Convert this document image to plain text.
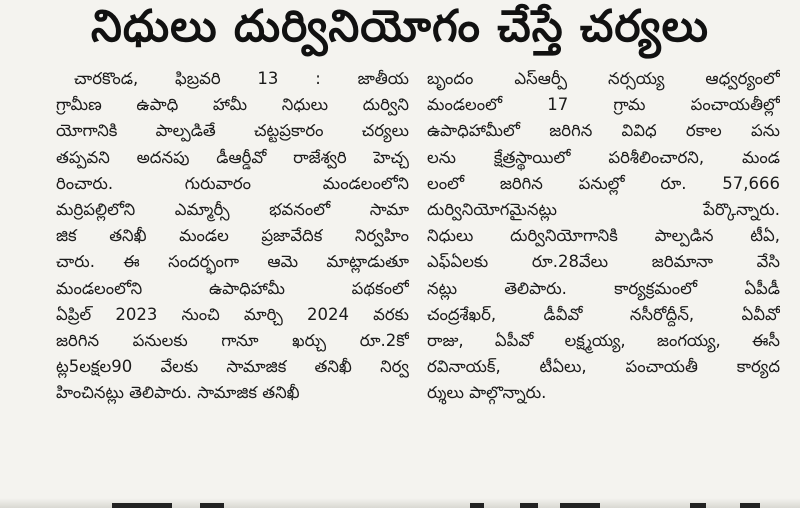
నిధులు దుర్వినియోగం చేస్తే చర్యలు
చారకొండ, ఫిబ్రవరి 13 : జాతీయ
గ్రామీణ ఉపాధి హామీ నిధులు దుర్విని
యోగానికి పాల్పడితే చట్టప్రకారం చర్యలు
తప్పవని అదనపు డీఆర్డీవో రాజేశ్వరి హెచ్చ
రించారు. గురువారం మండలంలోని
మర్రిపల్లిలోని ఎమ్మార్సీ భవనంలో సామా
జిక తనిఖీ మండల ప్రజావేదిక నిర్వహిం
చారు. ఈ సందర్భంగా ఆమె మాట్లాడుతూ
మండలంలోని ఉపాధిహామీ పథకంలో
ఏప్రిల్ 2023 నుంచి మార్చి 2024 వరకు
జరిగిన పనులకు గానూ ఖర్చు రూ.2కో
ట్ల5లక్షల90 వేలకు సామాజిక తనిఖీ నిర్వ
హించినట్లు తెలిపారు. సామాజిక తనిఖీ
బృందం ఎస్ఆర్పీ నర్సయ్య ఆధ్వర్యంలో
మండలంలో 17 గ్రామ పంచాయతీల్లో
ఉపాధిహామీలో జరిగిన వివిధ రకాల పను
లను క్షేత్రస్థాయిలో పరిశీలించారని, మండ
లంలో జరిగిన పనుల్లో రూ. 57,666
దుర్వినియోగమైనట్లు పేర్కొన్నారు.
నిధులు దుర్వినియోగానికి పాల్పడిన టీఏ,
ఎఫ్ఏలకు రూ.28వేలు జరిమానా వేసి
నట్లు తెలిపారు. కార్యక్రమంలో ఏపీడీ
చంద్రశేఖర్, డీవీవో నసీరోద్దీన్, ఏవీవో
రాజు, ఏపీవో లక్ష్మయ్య, జంగయ్య, ఈసీ
రవినాయక్, టీఏలు, పంచాయతీ కార్యద
ర్శులు పాల్గొన్నారు.
